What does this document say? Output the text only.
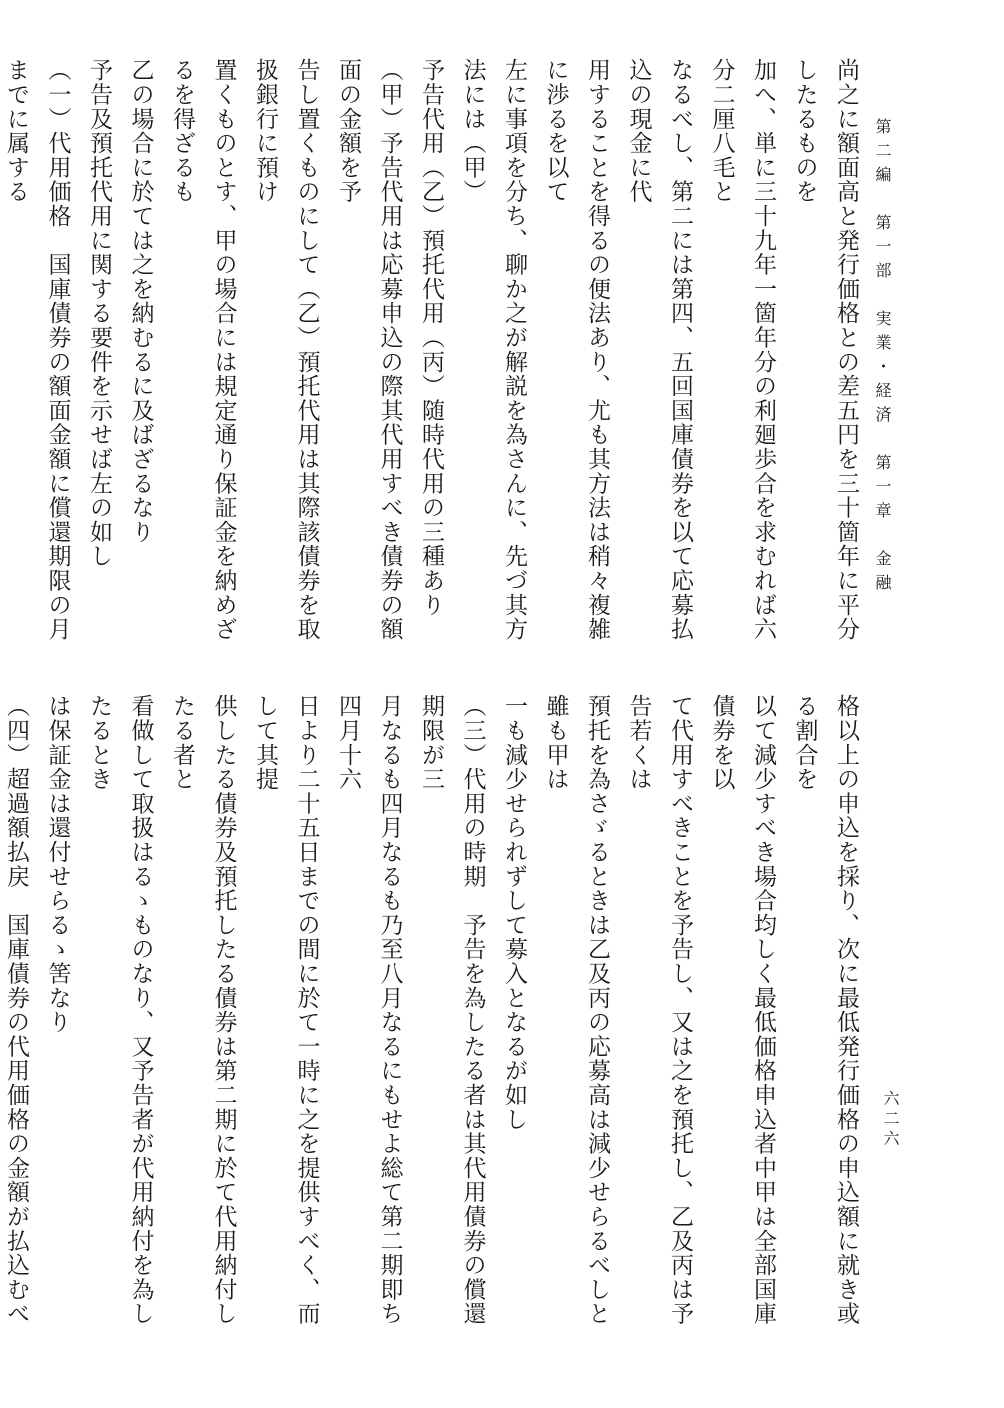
第二編　第一部　実業・経済　第一章　金融
六二六
尚之に額面高と発行価格との差五円を三十箇年に平分したるものを
加へ、単に三十九年一箇年分の利廻歩合を求むれば六分二厘八毛と
なるべし、第二には第四、五回国庫債券を以て応募払込の現金に代
用することを得るの便法あり、尤も其方法は稍々複雑に渉るを以て
左に事項を分ち、聊か之が解説を為さんに、先づ其方法には（甲）
予告代用（乙）預托代用（丙）随時代用の三種あり
（甲）予告代用は応募申込の際其代用すべき債券の額面の金額を予
告し置くものにして（乙）預托代用は其際該債券を取扱銀行に預け
置くものとす、甲の場合には規定通り保証金を納めざるを得ざるも
乙の場合に於ては之を納むるに及ばざるなり
予告及預托代用に関する要件を示せば左の如し
（一）代用価格　国庫債券の額面金額に償還期限の月までに属する
格以上の申込を採り、次に最低発行価格の申込額に就き或る割合を
以て減少すべき場合均しく最低価格申込者中甲は全部国庫債券を以
て代用すべきことを予告し、又は之を預托し、乙及丙は予告若くは
預托を為さゞるときは乙及丙の応募高は減少せらるべしと雖も甲は
一も減少せられずして募入となるが如し
（三）代用の時期　予告を為したる者は其代用債券の償還期限が三
月なるも四月なるも乃至八月なるにもせよ総て第二期即ち四月十六
日より二十五日までの間に於て一時に之を提供すべく、而して其提
供したる債券及預托したる債券は第二期に於て代用納付したる者と
看做して取扱はるゝものなり、又予告者が代用納付を為したるとき
は保証金は還付せらるゝ筈なり
（四）超過額払戻　国庫債券の代用価格の金額が払込むべ
